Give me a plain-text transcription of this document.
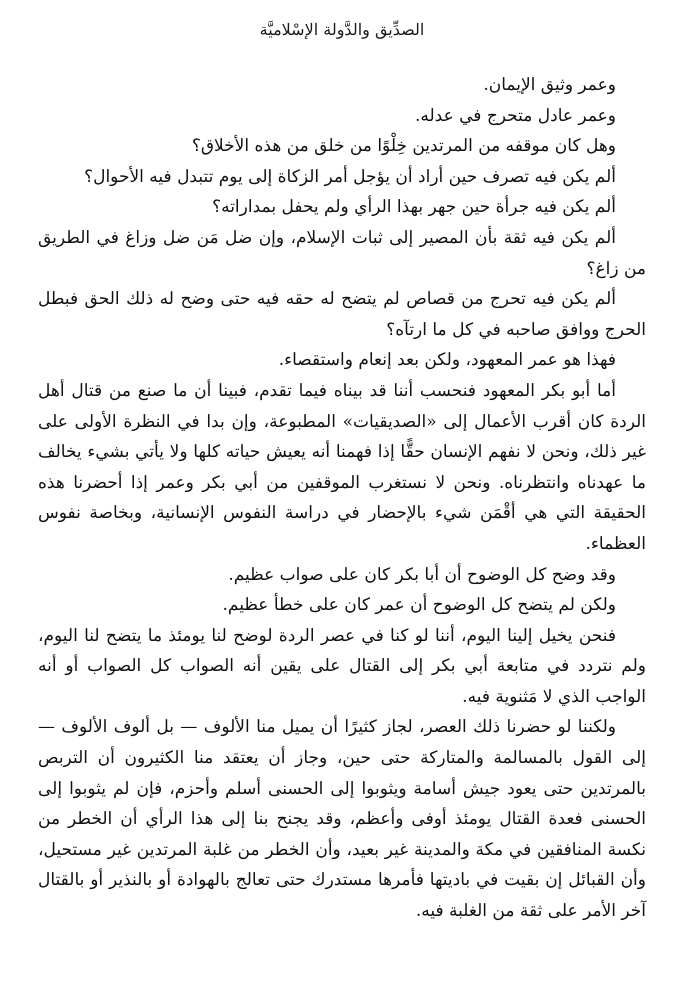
الصدِّيق والدَّولة الإسْلاميَّة

وعمر وثيق الإيمان.

وعمر عادل متحرج في عدله.

وهل كان موقفه من المرتدين خِلْوًا من خلق من هذه الأخلاق؟

ألم يكن فيه تصرف حين أراد أن يؤجل أمر الزكاة إلى يوم تتبدل فيه الأحوال؟

ألم يكن فيه جرأة حين جهر بهذا الرأي ولم يحفل بمداراته؟

ألم يكن فيه ثقة بأن المصير إلى ثبات الإسلام، وإن ضل مَن ضل وزاغ في الطريق من زاغ؟

ألم يكن فيه تحرج من قصاص لم يتضح له حقه فيه حتى وضح له ذلك الحق فبطل الحرج ووافق صاحبه في كل ما ارتآه؟

فهذا هو عمر المعهود، ولكن بعد إنعام واستقصاء.

أما أبو بكر المعهود فنحسب أننا قد بيناه فيما تقدم، فبينا أن ما صنع من قتال أهل الردة كان أقرب الأعمال إلى «الصديقيات» المطبوعة، وإن بدا في النظرة الأولى على غير ذلك، ونحن لا نفهم الإنسان حقًّا إذا فهمنا أنه يعيش حياته كلها ولا يأتي بشيء يخالف ما عهدناه وانتظرناه. ونحن لا نستغرب الموقفين من أبي بكر وعمر إذا أحضرنا هذه الحقيقة التي هي أقْمَن شيء بالإحضار في دراسة النفوس الإنسانية، وبخاصة نفوس العظماء.

وقد وضح كل الوضوح أن أبا بكر كان على صواب عظيم.

ولكن لم يتضح كل الوضوح أن عمر كان على خطأ عظيم.

فنحن يخيل إلينا اليوم، أننا لو كنا في عصر الردة لوضح لنا يومئذ ما يتضح لنا اليوم، ولم نتردد في متابعة أبي بكر إلى القتال على يقين أنه الصواب كل الصواب أو أنه الواجب الذي لا مَثنوية فيه.

ولكننا لو حضرنا ذلك العصر، لجاز كثيرًا أن يميل منا الألوف — بل ألوف الألوف — إلى القول بالمسالمة والمتاركة حتى حين، وجاز أن يعتقد منا الكثيرون أن التربص بالمرتدين حتى يعود جيش أسامة ويثوبوا إلى الحسنى أسلم وأحزم، فإن لم يثوبوا إلى الحسنى فعدة القتال يومئذ أوفى وأعظم، وقد يجنح بنا إلى هذا الرأي أن الخطر من نكسة المنافقين في مكة والمدينة غير بعيد، وأن الخطر من غلبة المرتدين غير مستحيل، وأن القبائل إن بقيت في باديتها فأمرها مستدرك حتى تعالج بالهوادة أو بالنذير أو بالقتال آخر الأمر على ثقة من الغلبة فيه.
